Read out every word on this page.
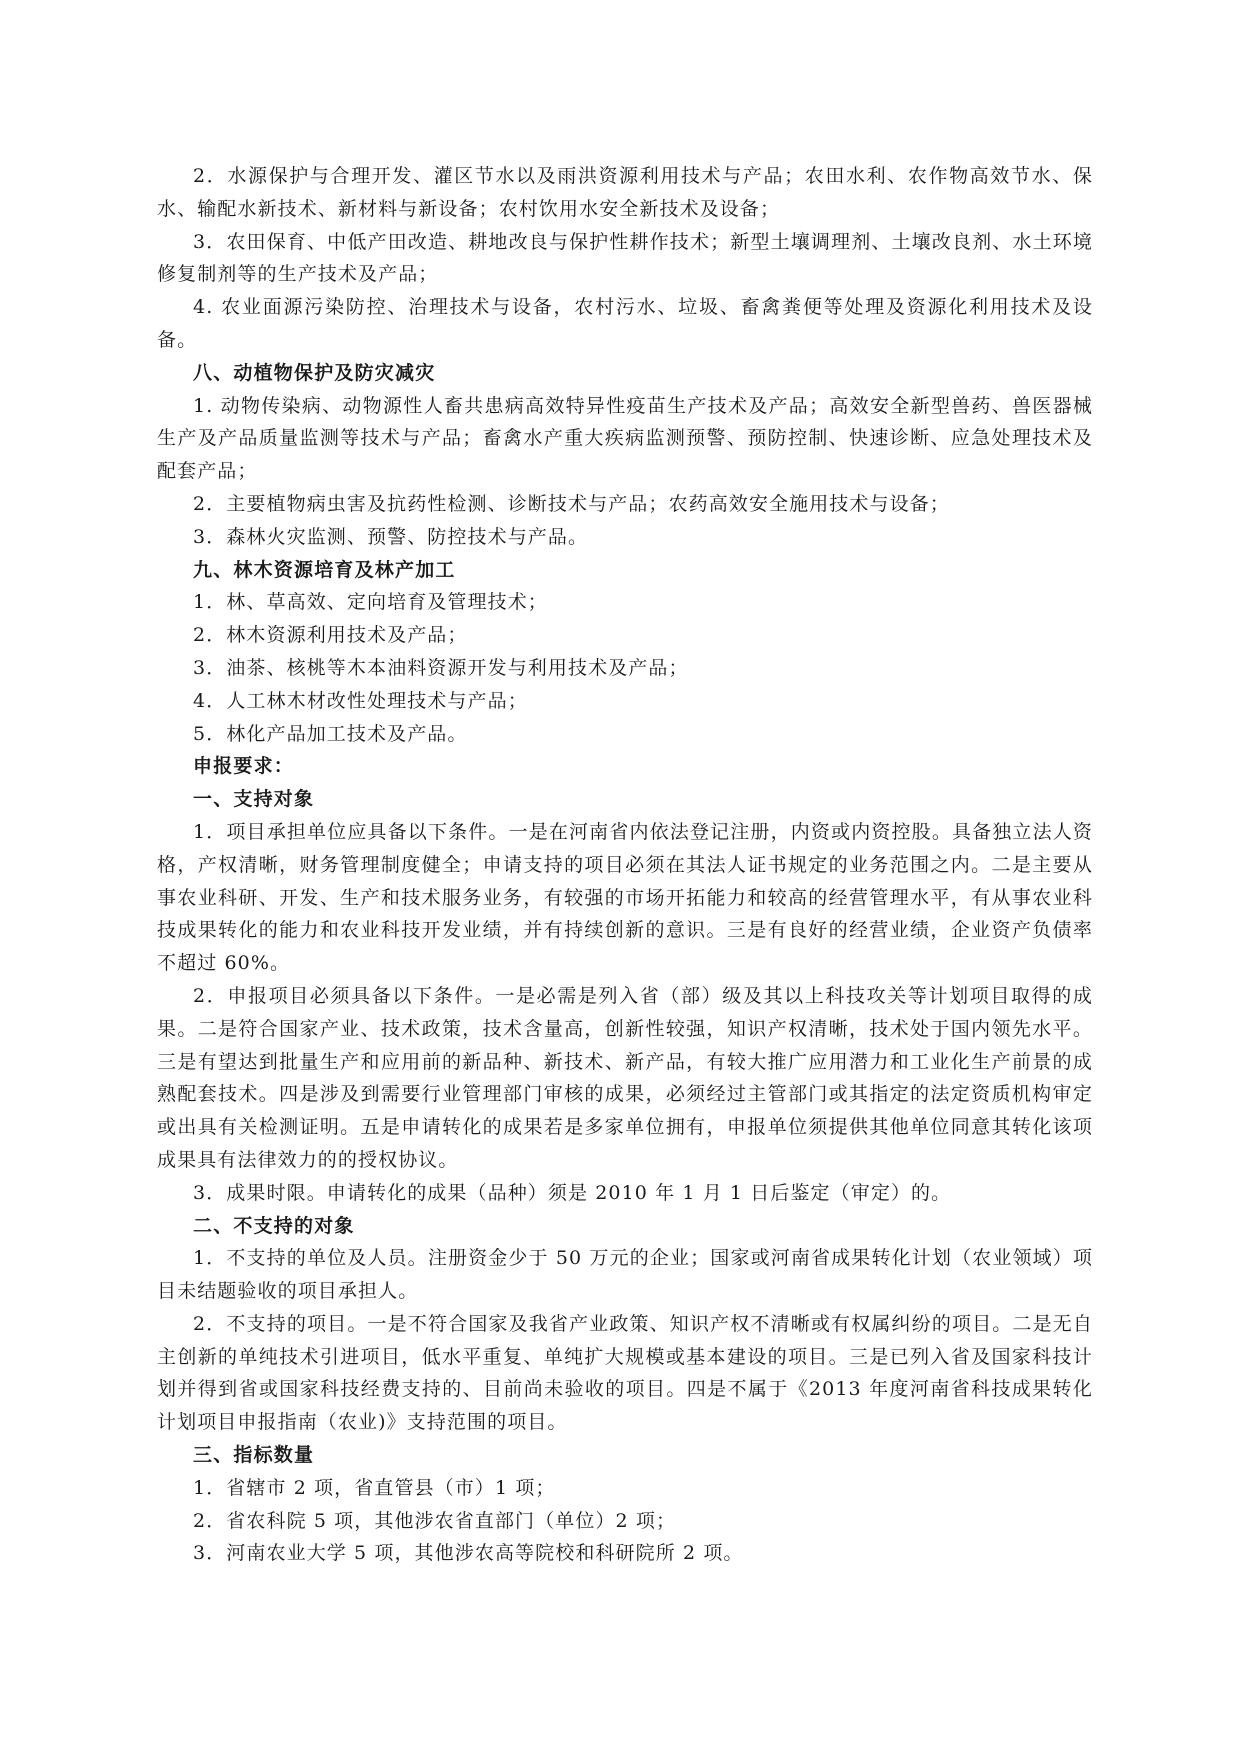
2．水源保护与合理开发、灌区节水以及雨洪资源利用技术与产品；农田水利、农作物高效节水、保水、输配水新技术、新材料与新设备；农村饮用水安全新技术及设备；

3．农田保育、中低产田改造、耕地改良与保护性耕作技术；新型土壤调理剂、土壤改良剂、水土环境修复制剂等的生产技术及产品；

4. 农业面源污染防控、治理技术与设备，农村污水、垃圾、畜禽粪便等处理及资源化利用技术及设备。

八、动植物保护及防灾减灾

1. 动物传染病、动物源性人畜共患病高效特异性疫苗生产技术及产品；高效安全新型兽药、兽医器械生产及产品质量监测等技术与产品；畜禽水产重大疾病监测预警、预防控制、快速诊断、应急处理技术及配套产品；

2．主要植物病虫害及抗药性检测、诊断技术与产品；农药高效安全施用技术与设备；

3．森林火灾监测、预警、防控技术与产品。

九、林木资源培育及林产加工

1．林、草高效、定向培育及管理技术；

2．林木资源利用技术及产品；

3．油茶、核桃等木本油料资源开发与利用技术及产品；

4．人工林木材改性处理技术与产品；

5．林化产品加工技术及产品。

申报要求：

一、支持对象

1．项目承担单位应具备以下条件。一是在河南省内依法登记注册，内资或内资控股。具备独立法人资格，产权清晰，财务管理制度健全；申请支持的项目必须在其法人证书规定的业务范围之内。二是主要从事农业科研、开发、生产和技术服务业务，有较强的市场开拓能力和较高的经营管理水平，有从事农业科技成果转化的能力和农业科技开发业绩，并有持续创新的意识。三是有良好的经营业绩，企业资产负债率不超过 60%。

2．申报项目必须具备以下条件。一是必需是列入省（部）级及其以上科技攻关等计划项目取得的成果。二是符合国家产业、技术政策，技术含量高，创新性较强，知识产权清晰，技术处于国内领先水平。三是有望达到批量生产和应用前的新品种、新技术、新产品，有较大推广应用潜力和工业化生产前景的成熟配套技术。四是涉及到需要行业管理部门审核的成果，必须经过主管部门或其指定的法定资质机构审定或出具有关检测证明。五是申请转化的成果若是多家单位拥有，申报单位须提供其他单位同意其转化该项成果具有法律效力的的授权协议。

3．成果时限。申请转化的成果（品种）须是 2010 年 1 月 1 日后鉴定（审定）的。

二、不支持的对象

1．不支持的单位及人员。注册资金少于 50 万元的企业；国家或河南省成果转化计划（农业领域）项目未结题验收的项目承担人。

2．不支持的项目。一是不符合国家及我省产业政策、知识产权不清晰或有权属纠纷的项目。二是无自主创新的单纯技术引进项目，低水平重复、单纯扩大规模或基本建设的项目。三是已列入省及国家科技计划并得到省或国家科技经费支持的、目前尚未验收的项目。四是不属于《2013 年度河南省科技成果转化计划项目申报指南（农业)》支持范围的项目。

三、指标数量

1．省辖市 2 项，省直管县（市）1 项；

2．省农科院 5 项，其他涉农省直部门（单位）2 项；

3．河南农业大学 5 项，其他涉农高等院校和科研院所 2 项。
